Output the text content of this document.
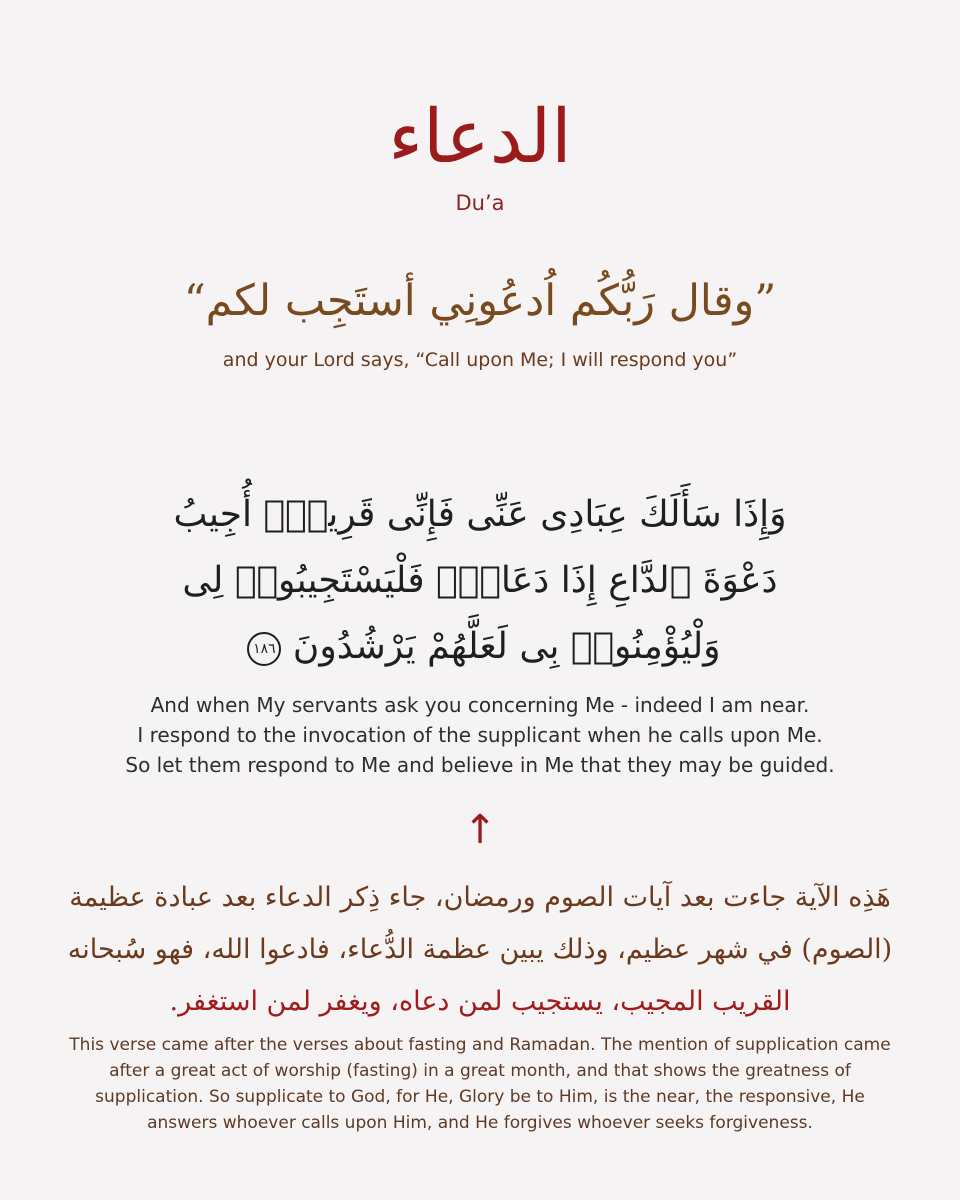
الدعاء
Du’a
”وقال رَبُّكُم اُدعُونِي أستَجِب لكم“
and your Lord says, “Call upon Me; I will respond you”
وَإِذَا سَأَلَكَ عِبَادِى عَنِّى فَإِنِّى قَرِيبٌۖ أُجِيبُ
دَعْوَةَ ٱلدَّاعِ إِذَا دَعَانِۖ فَلْيَسْتَجِيبُوا۟ لِى
وَلْيُؤْمِنُوا۟ بِى لَعَلَّهُمْ يَرْشُدُونَ ١٨٦
And when My servants ask you concerning Me - indeed I am near.
I respond to the invocation of the supplicant when he calls upon Me.
So let them respond to Me and believe in Me that they may be guided.
↑
هَذِه الآية جاءت بعد آيات الصوم ورمضان، جاء ذِكر الدعاء بعد عبادة عظيمة
(الصوم) في شهر عظيم، وذلك يبين عظمة الدُّعاء، فادعوا الله، فهو سُبحانه
القريب المجيب، يستجيب لمن دعاه، ويغفر لمن استغفر.
This verse came after the verses about fasting and Ramadan. The mention of supplication came after a great act of worship (fasting) in a great month, and that shows the greatness of supplication. So supplicate to God, for He, Glory be to Him, is the near, the responsive, He answers whoever calls upon Him, and He forgives whoever seeks forgiveness.
